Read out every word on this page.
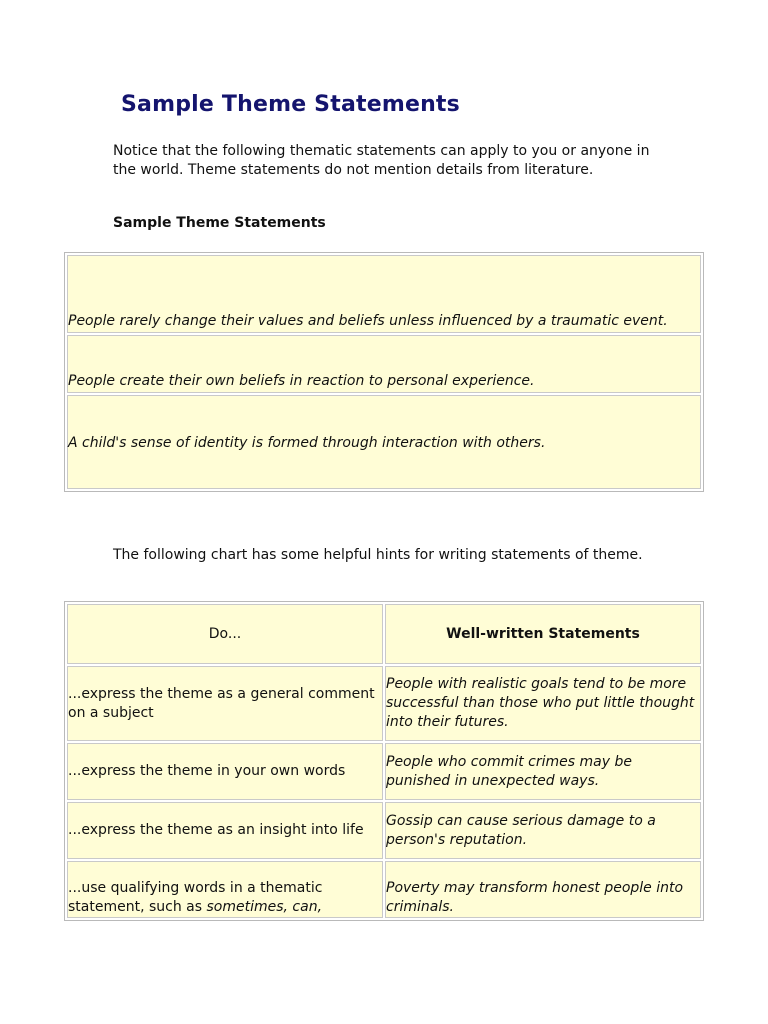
Sample Theme Statements

Notice that the following thematic statements can apply to you or anyone in the world. Theme statements do not mention details from literature.

Sample Theme Statements

People rarely change their values and beliefs unless influenced by a traumatic event.
People create their own beliefs in reaction to personal experience.
A child's sense of identity is formed through interaction with others.

The following chart has some helpful hints for writing statements of theme.

Do...	Well-written Statements
...express the theme as a general comment on a subject	People with realistic goals tend to be more successful than those who put little thought into their futures.
...express the theme in your own words	People who commit crimes may be punished in unexpected ways.
...express the theme as an insight into life	Gossip can cause serious damage to a person's reputation.
...use qualifying words in a thematic statement, such as sometimes, can,	Poverty may transform honest people into criminals.
